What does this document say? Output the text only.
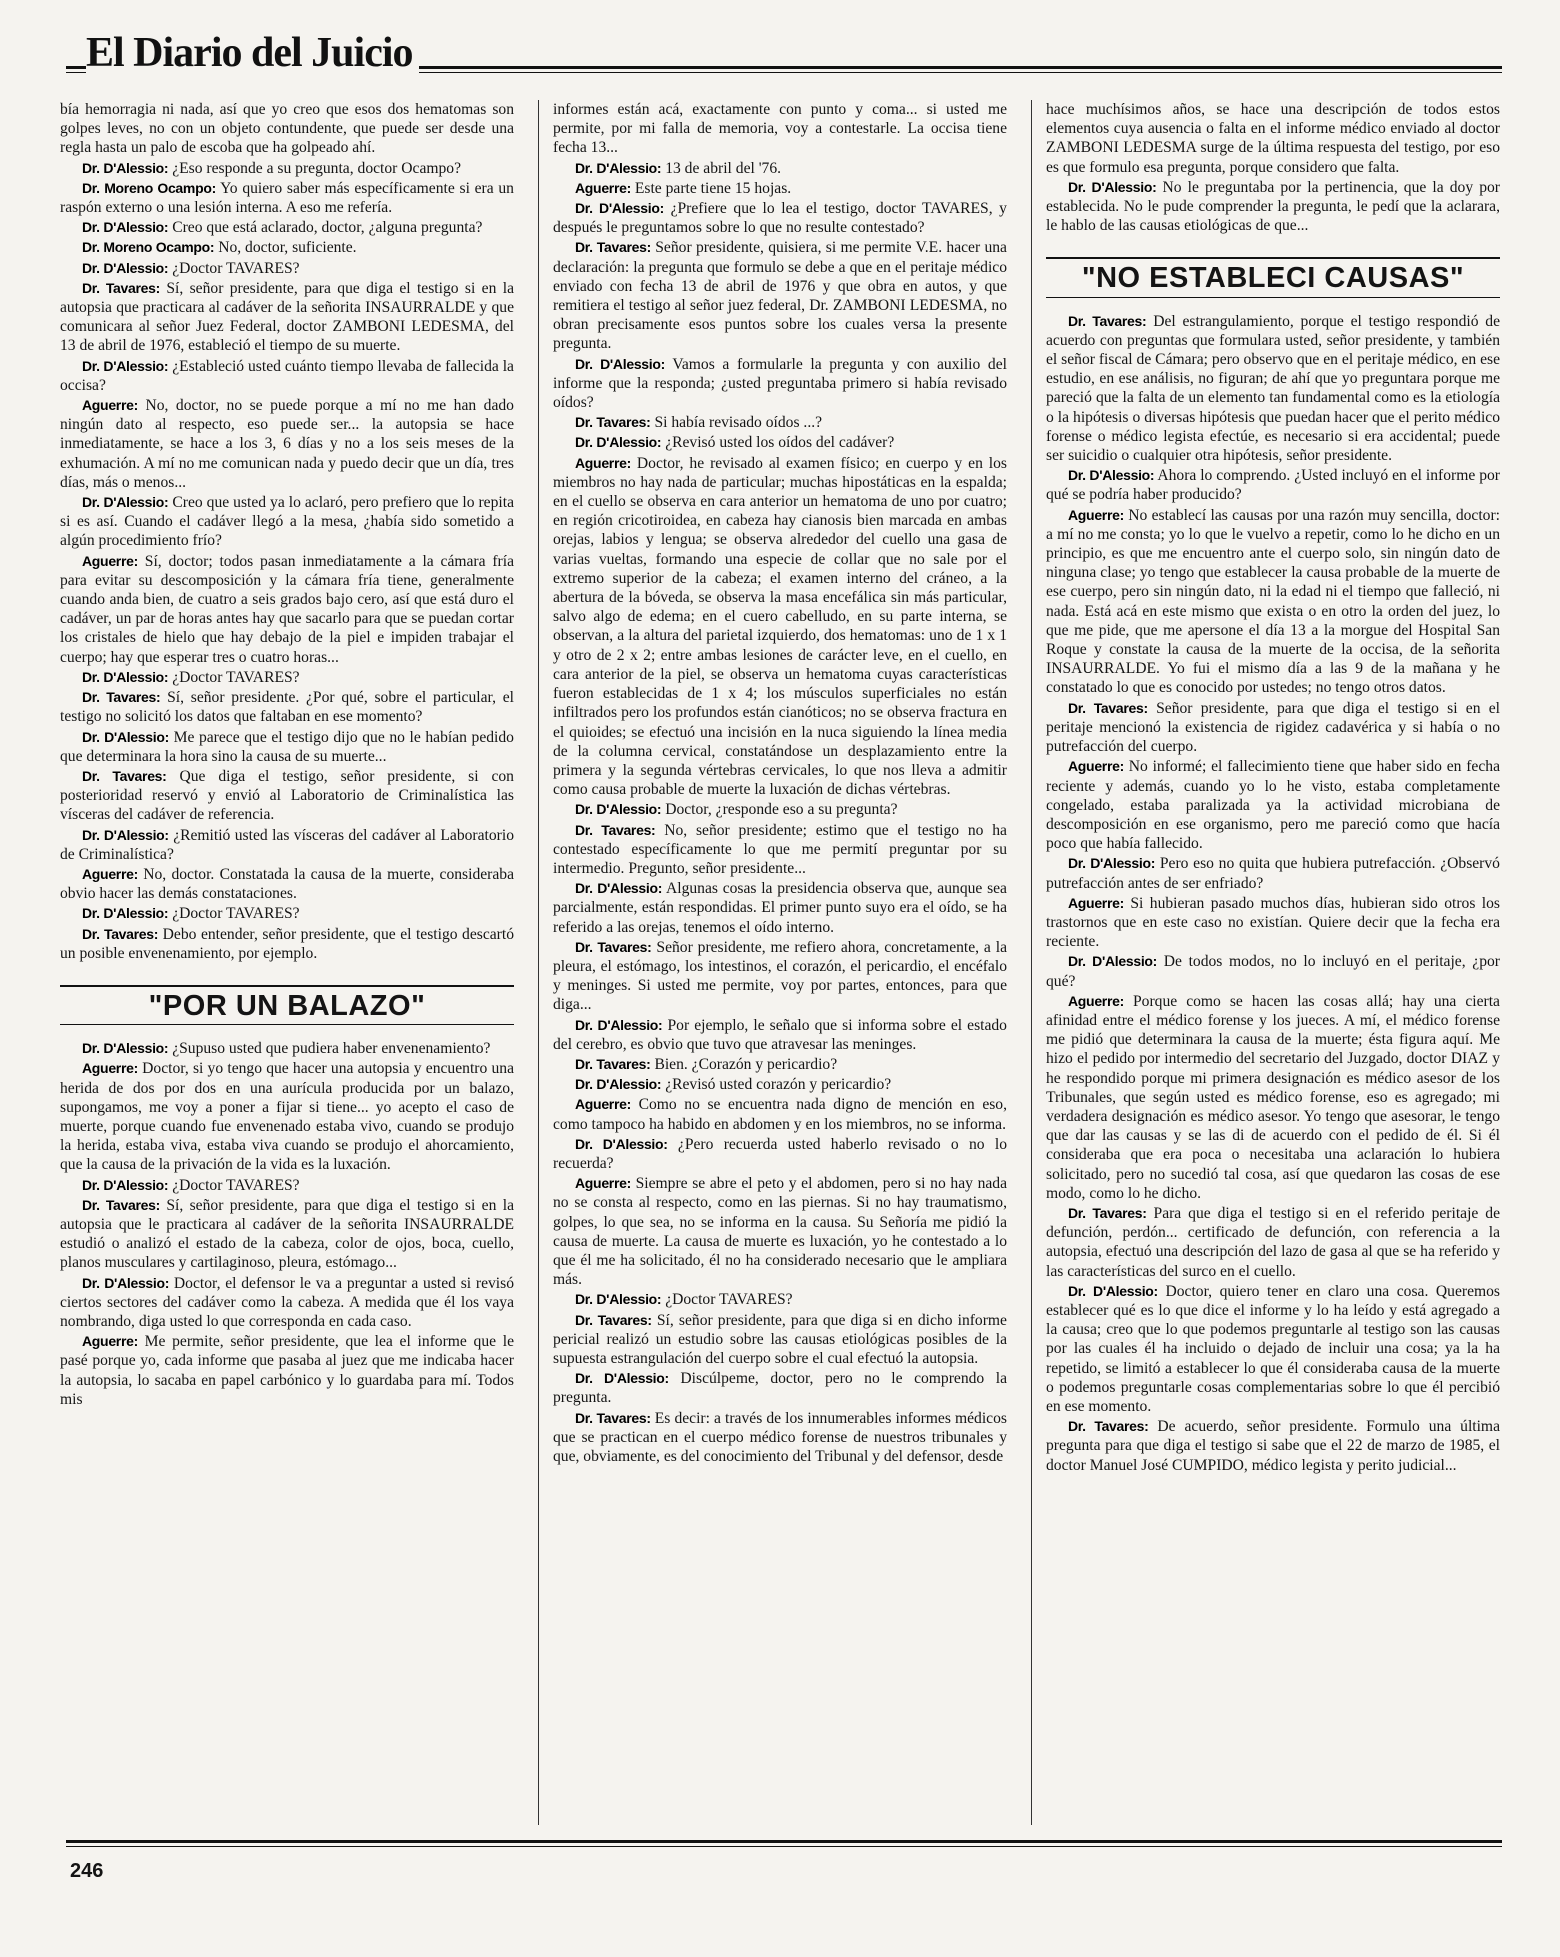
El Diario del Juicio

bía hemorragia ni nada, así que yo creo que esos dos hematomas son golpes leves, no con un objeto contundente, que puede ser desde una regla hasta un palo de escoba que ha golpeado ahí.

Dr. D'Alessio: ¿Eso responde a su pregunta, doctor Ocampo?

Dr. Moreno Ocampo: Yo quiero saber más específicamente si era un raspón externo o una lesión interna. A eso me refería.

Dr. D'Alessio: Creo que está aclarado, doctor, ¿alguna pregunta?

Dr. Moreno Ocampo: No, doctor, suficiente.

Dr. D'Alessio: ¿Doctor TAVARES?

Dr. Tavares: Sí, señor presidente, para que diga el testigo si en la autopsia que practicara al cadáver de la señorita INSAURRALDE y que comunicara al señor Juez Federal, doctor ZAMBONI LEDESMA, del 13 de abril de 1976, estableció el tiempo de su muerte.

Dr. D'Alessio: ¿Estableció usted cuánto tiempo llevaba de fallecida la occisa?

Aguerre: No, doctor, no se puede porque a mí no me han dado ningún dato al respecto, eso puede ser... la autopsia se hace inmediatamente, se hace a los 3, 6 días y no a los seis meses de la exhumación. A mí no me comunican nada y puedo decir que un día, tres días, más o menos...

Dr. D'Alessio: Creo que usted ya lo aclaró, pero prefiero que lo repita si es así. Cuando el cadáver llegó a la mesa, ¿había sido sometido a algún procedimiento frío?

Aguerre: Sí, doctor; todos pasan inmediatamente a la cámara fría para evitar su descomposición y la cámara fría tiene, generalmente cuando anda bien, de cuatro a seis grados bajo cero, así que está duro el cadáver, un par de horas antes hay que sacarlo para que se puedan cortar los cristales de hielo que hay debajo de la piel e impiden trabajar el cuerpo; hay que esperar tres o cuatro horas...

Dr. D'Alessio: ¿Doctor TAVARES?

Dr. Tavares: Sí, señor presidente. ¿Por qué, sobre el particular, el testigo no solicitó los datos que faltaban en ese momento?

Dr. D'Alessio: Me parece que el testigo dijo que no le habían pedido que determinara la hora sino la causa de su muerte...

Dr. Tavares: Que diga el testigo, señor presidente, si con posterioridad reservó y envió al Laboratorio de Criminalística las vísceras del cadáver de referencia.

Dr. D'Alessio: ¿Remitió usted las vísceras del cadáver al Laboratorio de Criminalística?

Aguerre: No, doctor. Constatada la causa de la muerte, consideraba obvio hacer las demás constataciones.

Dr. D'Alessio: ¿Doctor TAVARES?

Dr. Tavares: Debo entender, señor presidente, que el testigo descartó un posible envenenamiento, por ejemplo.

"POR UN BALAZO"

Dr. D'Alessio: ¿Supuso usted que pudiera haber envenenamiento?

Aguerre: Doctor, si yo tengo que hacer una autopsia y encuentro una herida de dos por dos en una aurícula producida por un balazo, supongamos, me voy a poner a fijar si tiene... yo acepto el caso de muerte, porque cuando fue envenenado estaba vivo, cuando se produjo la herida, estaba viva, estaba viva cuando se produjo el ahorcamiento, que la causa de la privación de la vida es la luxación.

Dr. D'Alessio: ¿Doctor TAVARES?

Dr. Tavares: Sí, señor presidente, para que diga el testigo si en la autopsia que le practicara al cadáver de la señorita INSAURRALDE estudió o analizó el estado de la cabeza, color de ojos, boca, cuello, planos musculares y cartilaginoso, pleura, estómago...

Dr. D'Alessio: Doctor, el defensor le va a preguntar a usted si revisó ciertos sectores del cadáver como la cabeza. A medida que él los vaya nombrando, diga usted lo que corresponda en cada caso.

Aguerre: Me permite, señor presidente, que lea el informe que le pasé porque yo, cada informe que pasaba al juez que me indicaba hacer la autopsia, lo sacaba en papel carbónico y lo guardaba para mí. Todos mis

informes están acá, exactamente con punto y coma... si usted me permite, por mi falla de memoria, voy a contestarle. La occisa tiene fecha 13...

Dr. D'Alessio: 13 de abril del '76.

Aguerre: Este parte tiene 15 hojas.

Dr. D'Alessio: ¿Prefiere que lo lea el testigo, doctor TAVARES, y después le preguntamos sobre lo que no resulte contestado?

Dr. Tavares: Señor presidente, quisiera, si me permite V.E. hacer una declaración: la pregunta que formulo se debe a que en el peritaje médico enviado con fecha 13 de abril de 1976 y que obra en autos, y que remitiera el testigo al señor juez federal, Dr. ZAMBONI LEDESMA, no obran precisamente esos puntos sobre los cuales versa la presente pregunta.

Dr. D'Alessio: Vamos a formularle la pregunta y con auxilio del informe que la responda; ¿usted preguntaba primero si había revisado oídos?

Dr. Tavares: Si había revisado oídos ...?

Dr. D'Alessio: ¿Revisó usted los oídos del cadáver?

Aguerre: Doctor, he revisado al examen físico; en cuerpo y en los miembros no hay nada de particular; muchas hipostáticas en la espalda; en el cuello se observa en cara anterior un hematoma de uno por cuatro; en región cricotiroidea, en cabeza hay cianosis bien marcada en ambas orejas, labios y lengua; se observa alrededor del cuello una gasa de varias vueltas, formando una especie de collar que no sale por el extremo superior de la cabeza; el examen interno del cráneo, a la abertura de la bóveda, se observa la masa encefálica sin más particular, salvo algo de edema; en el cuero cabelludo, en su parte interna, se observan, a la altura del parietal izquierdo, dos hematomas: uno de 1 x 1 y otro de 2 x 2; entre ambas lesiones de carácter leve, en el cuello, en cara anterior de la piel, se observa un hematoma cuyas características fueron establecidas de 1 x 4; los músculos superficiales no están infiltrados pero los profundos están cianóticos; no se observa fractura en el quioides; se efectuó una incisión en la nuca siguiendo la línea media de la columna cervical, constatándose un desplazamiento entre la primera y la segunda vértebras cervicales, lo que nos lleva a admitir como causa probable de muerte la luxación de dichas vértebras.

Dr. D'Alessio: Doctor, ¿responde eso a su pregunta?

Dr. Tavares: No, señor presidente; estimo que el testigo no ha contestado específicamente lo que me permití preguntar por su intermedio. Pregunto, señor presidente...

Dr. D'Alessio: Algunas cosas la presidencia observa que, aunque sea parcialmente, están respondidas. El primer punto suyo era el oído, se ha referido a las orejas, tenemos el oído interno.

Dr. Tavares: Señor presidente, me refiero ahora, concretamente, a la pleura, el estómago, los intestinos, el corazón, el pericardio, el encéfalo y meninges. Si usted me permite, voy por partes, entonces, para que diga...

Dr. D'Alessio: Por ejemplo, le señalo que si informa sobre el estado del cerebro, es obvio que tuvo que atravesar las meninges.

Dr. Tavares: Bien. ¿Corazón y pericardio?

Dr. D'Alessio: ¿Revisó usted corazón y pericardio?

Aguerre: Como no se encuentra nada digno de mención en eso, como tampoco ha habido en abdomen y en los miembros, no se informa.

Dr. D'Alessio: ¿Pero recuerda usted haberlo revisado o no lo recuerda?

Aguerre: Siempre se abre el peto y el abdomen, pero si no hay nada no se consta al respecto, como en las piernas. Si no hay traumatismo, golpes, lo que sea, no se informa en la causa. Su Señoría me pidió la causa de muerte. La causa de muerte es luxación, yo he contestado a lo que él me ha solicitado, él no ha considerado necesario que le ampliara más.

Dr. D'Alessio: ¿Doctor TAVARES?

Dr. Tavares: Sí, señor presidente, para que diga si en dicho informe pericial realizó un estudio sobre las causas etiológicas posibles de la supuesta estrangulación del cuerpo sobre el cual efectuó la autopsia.

Dr. D'Alessio: Discúlpeme, doctor, pero no le comprendo la pregunta.

Dr. Tavares: Es decir: a través de los innumerables informes médicos que se practican en el cuerpo médico forense de nuestros tribunales y que, obviamente, es del conocimiento del Tribunal y del defensor, desde

hace muchísimos años, se hace una descripción de todos estos elementos cuya ausencia o falta en el informe médico enviado al doctor ZAMBONI LEDESMA surge de la última respuesta del testigo, por eso es que formulo esa pregunta, porque considero que falta.

Dr. D'Alessio: No le preguntaba por la pertinencia, que la doy por establecida. No le pude comprender la pregunta, le pedí que la aclarara, le hablo de las causas etiológicas de que...

"NO ESTABLECI CAUSAS"

Dr. Tavares: Del estrangulamiento, porque el testigo respondió de acuerdo con preguntas que formulara usted, señor presidente, y también el señor fiscal de Cámara; pero observo que en el peritaje médico, en ese estudio, en ese análisis, no figuran; de ahí que yo preguntara porque me pareció que la falta de un elemento tan fundamental como es la etiología o la hipótesis o diversas hipótesis que puedan hacer que el perito médico forense o médico legista efectúe, es necesario si era accidental; puede ser suicidio o cualquier otra hipótesis, señor presidente.

Dr. D'Alessio: Ahora lo comprendo. ¿Usted incluyó en el informe por qué se podría haber producido?

Aguerre: No establecí las causas por una razón muy sencilla, doctor: a mí no me consta; yo lo que le vuelvo a repetir, como lo he dicho en un principio, es que me encuentro ante el cuerpo solo, sin ningún dato de ninguna clase; yo tengo que establecer la causa probable de la muerte de ese cuerpo, pero sin ningún dato, ni la edad ni el tiempo que falleció, ni nada. Está acá en este mismo que exista o en otro la orden del juez, lo que me pide, que me apersone el día 13 a la morgue del Hospital San Roque y constate la causa de la muerte de la occisa, de la señorita INSAURRALDE. Yo fui el mismo día a las 9 de la mañana y he constatado lo que es conocido por ustedes; no tengo otros datos.

Dr. Tavares: Señor presidente, para que diga el testigo si en el peritaje mencionó la existencia de rigidez cadavérica y si había o no putrefacción del cuerpo.

Aguerre: No informé; el fallecimiento tiene que haber sido en fecha reciente y además, cuando yo lo he visto, estaba completamente congelado, estaba paralizada ya la actividad microbiana de descomposición en ese organismo, pero me pareció como que hacía poco que había fallecido.

Dr. D'Alessio: Pero eso no quita que hubiera putrefacción. ¿Observó putrefacción antes de ser enfriado?

Aguerre: Si hubieran pasado muchos días, hubieran sido otros los trastornos que en este caso no existían. Quiere decir que la fecha era reciente.

Dr. D'Alessio: De todos modos, no lo incluyó en el peritaje, ¿por qué?

Aguerre: Porque como se hacen las cosas allá; hay una cierta afinidad entre el médico forense y los jueces. A mí, el médico forense me pidió que determinara la causa de la muerte; ésta figura aquí. Me hizo el pedido por intermedio del secretario del Juzgado, doctor DIAZ y he respondido porque mi primera designación es médico asesor de los Tribunales, que según usted es médico forense, eso es agregado; mi verdadera designación es médico asesor. Yo tengo que asesorar, le tengo que dar las causas y se las di de acuerdo con el pedido de él. Si él consideraba que era poca o necesitaba una aclaración lo hubiera solicitado, pero no sucedió tal cosa, así que quedaron las cosas de ese modo, como lo he dicho.

Dr. Tavares: Para que diga el testigo si en el referido peritaje de defunción, perdón... certificado de defunción, con referencia a la autopsia, efectuó una descripción del lazo de gasa al que se ha referido y las características del surco en el cuello.

Dr. D'Alessio: Doctor, quiero tener en claro una cosa. Queremos establecer qué es lo que dice el informe y lo ha leído y está agregado a la causa; creo que lo que podemos preguntarle al testigo son las causas por las cuales él ha incluido o dejado de incluir una cosa; ya la ha repetido, se limitó a establecer lo que él consideraba causa de la muerte o podemos preguntarle cosas complementarias sobre lo que él percibió en ese momento.

Dr. Tavares: De acuerdo, señor presidente. Formulo una última pregunta para que diga el testigo si sabe que el 22 de marzo de 1985, el doctor Manuel José CUMPIDO, médico legista y perito judicial...

246
